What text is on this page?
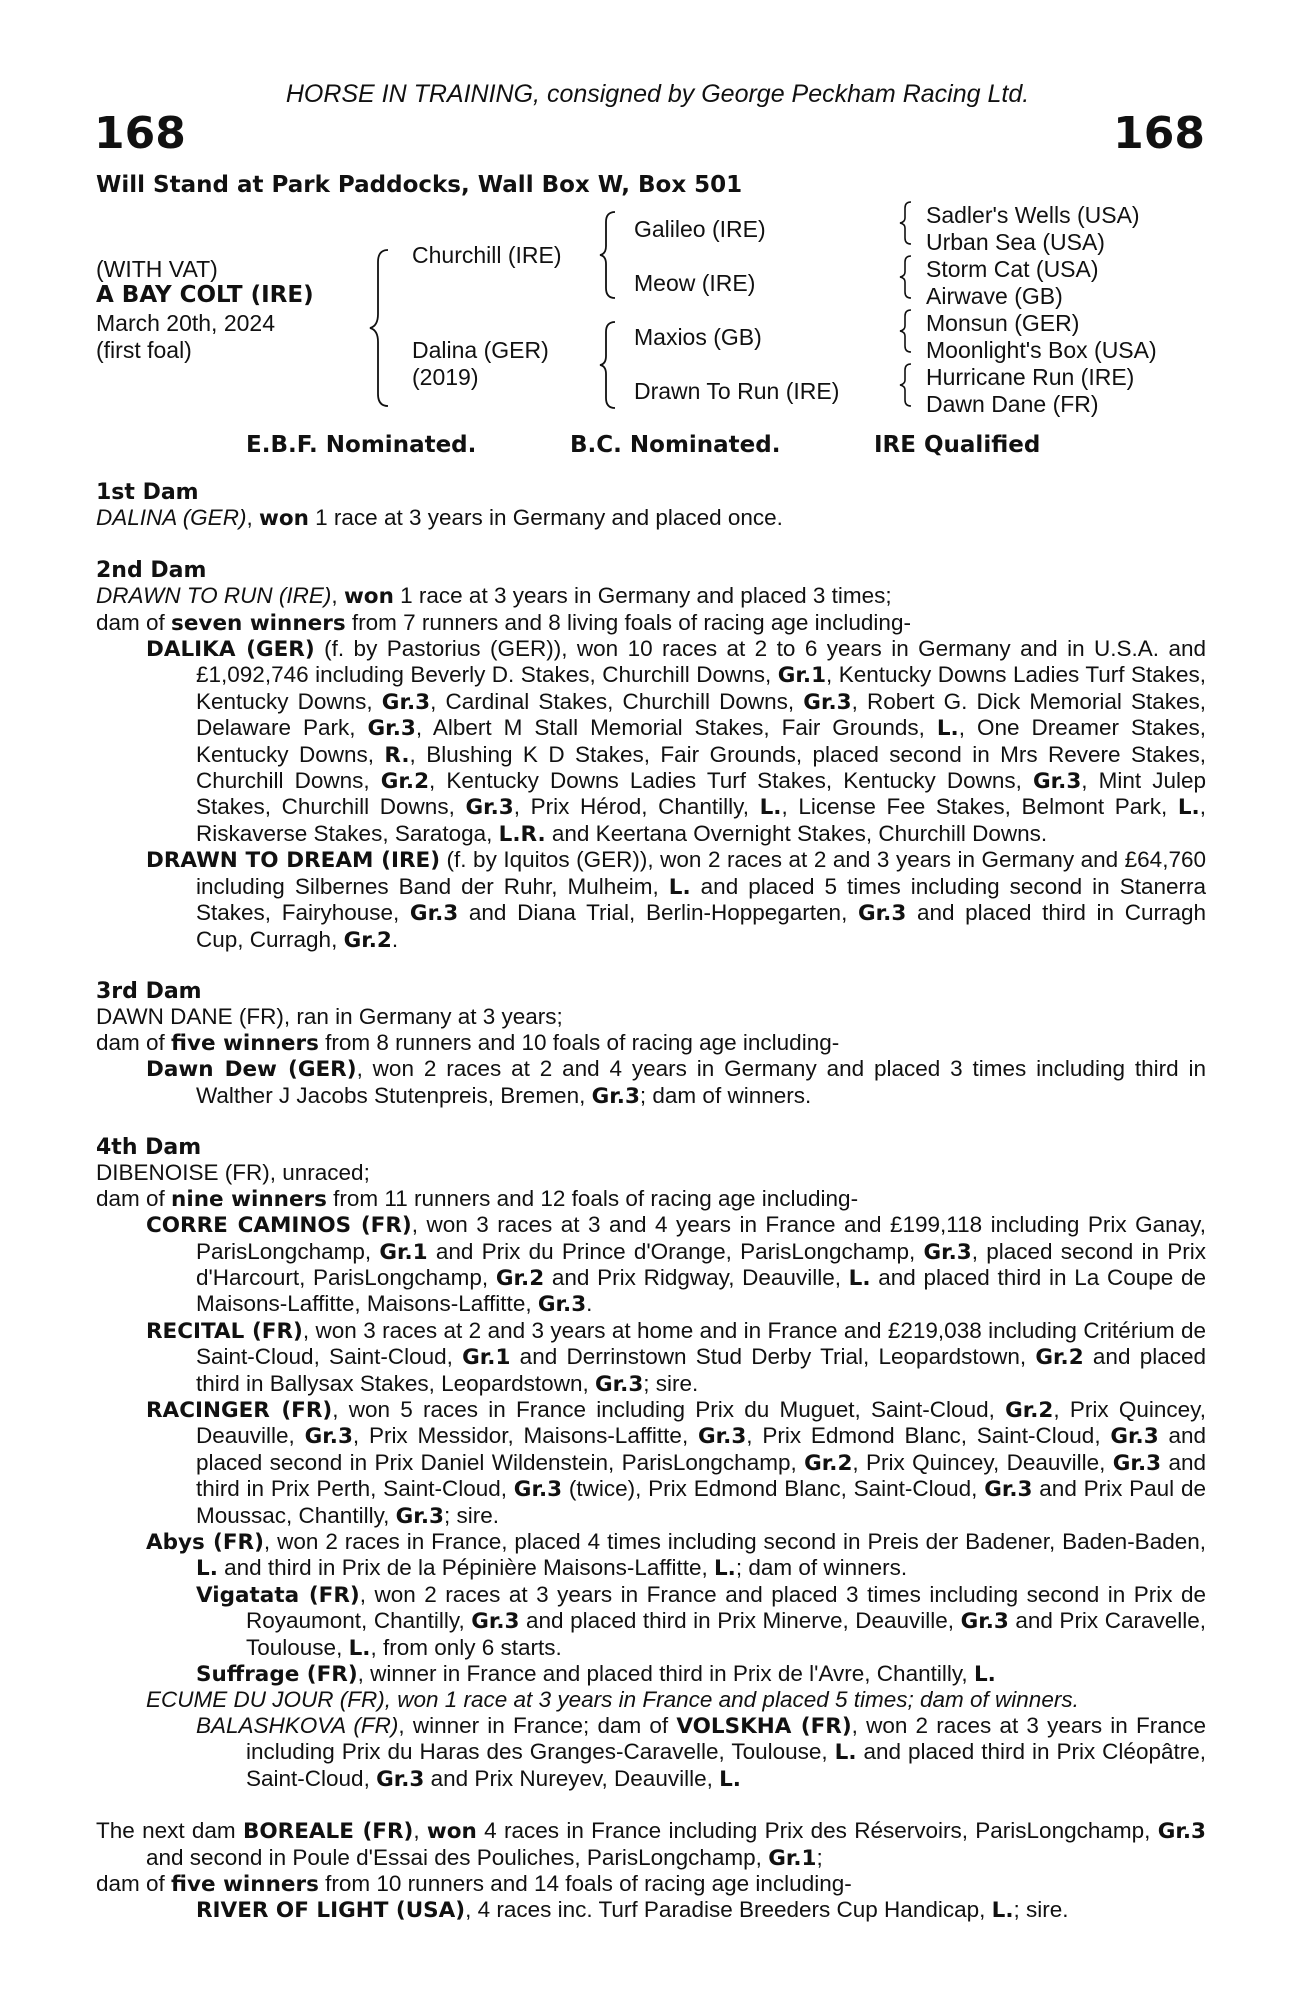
HORSE IN TRAINING, consigned by George Peckham Racing Ltd.
168	168
Will Stand at Park Paddocks, Wall Box W, Box 501
(WITH VAT)
A BAY COLT (IRE)
March 20th, 2024
(first foal)
Churchill (IRE)
Dalina (GER)
(2019)
Galileo (IRE)
Meow (IRE)
Maxios (GB)
Drawn To Run (IRE)
Sadler's Wells (USA)
Urban Sea (USA)
Storm Cat (USA)
Airwave (GB)
Monsun (GER)
Moonlight's Box (USA)
Hurricane Run (IRE)
Dawn Dane (FR)
E.B.F. Nominated.	B.C. Nominated.	IRE Qualified

1st Dam

DALINA (GER), won 1 race at 3 years in Germany and placed once.

2nd Dam

DRAWN TO RUN (IRE), won 1 race at 3 years in Germany and placed 3 times;

dam of seven winners from 7 runners and 8 living foals of racing age including-

DALIKA (GER) (f. by Pastorius (GER)), won 10 races at 2 to 6 years in Germany and in U.S.A. and £1,092,746 including Beverly D. Stakes, Churchill Downs, Gr.1, Kentucky Downs Ladies Turf Stakes, Kentucky Downs, Gr.3, Cardinal Stakes, Churchill Downs, Gr.3, Robert G. Dick Memorial Stakes, Delaware Park, Gr.3, Albert M Stall Memorial Stakes, Fair Grounds, L., One Dreamer Stakes, Kentucky Downs, R., Blushing K D Stakes, Fair Grounds, placed second in Mrs Revere Stakes, Churchill Downs, Gr.2, Kentucky Downs Ladies Turf Stakes, Kentucky Downs, Gr.3, Mint Julep Stakes, Churchill Downs, Gr.3, Prix Hérod, Chantilly, L., License Fee Stakes, Belmont Park, L., Riskaverse Stakes, Saratoga, L.R. and Keertana Overnight Stakes, Churchill Downs.

DRAWN TO DREAM (IRE) (f. by Iquitos (GER)), won 2 races at 2 and 3 years in Germany and £64,760 including Silbernes Band der Ruhr, Mulheim, L. and placed 5 times including second in Stanerra Stakes, Fairyhouse, Gr.3 and Diana Trial, Berlin-Hoppegarten, Gr.3 and placed third in Curragh Cup, Curragh, Gr.2.

3rd Dam

DAWN DANE (FR), ran in Germany at 3 years;

dam of five winners from 8 runners and 10 foals of racing age including-

Dawn Dew (GER), won 2 races at 2 and 4 years in Germany and placed 3 times including third in Walther J Jacobs Stutenpreis, Bremen, Gr.3; dam of winners.

4th Dam

DIBENOISE (FR), unraced;

dam of nine winners from 11 runners and 12 foals of racing age including-

CORRE CAMINOS (FR), won 3 races at 3 and 4 years in France and £199,118 including Prix Ganay, ParisLongchamp, Gr.1 and Prix du Prince d'Orange, ParisLongchamp, Gr.3, placed second in Prix d'Harcourt, ParisLongchamp, Gr.2 and Prix Ridgway, Deauville, L. and placed third in La Coupe de Maisons-Laffitte, Maisons-Laffitte, Gr.3.

RECITAL (FR), won 3 races at 2 and 3 years at home and in France and £219,038 including Critérium de Saint-Cloud, Saint-Cloud, Gr.1 and Derrinstown Stud Derby Trial, Leopardstown, Gr.2 and placed third in Ballysax Stakes, Leopardstown, Gr.3; sire.

RACINGER (FR), won 5 races in France including Prix du Muguet, Saint-Cloud, Gr.2, Prix Quincey, Deauville, Gr.3, Prix Messidor, Maisons-Laffitte, Gr.3, Prix Edmond Blanc, Saint-Cloud, Gr.3 and placed second in Prix Daniel Wildenstein, ParisLongchamp, Gr.2, Prix Quincey, Deauville, Gr.3 and third in Prix Perth, Saint-Cloud, Gr.3 (twice), Prix Edmond Blanc, Saint-Cloud, Gr.3 and Prix Paul de Moussac, Chantilly, Gr.3; sire.

Abys (FR), won 2 races in France, placed 4 times including second in Preis der Badener, Baden-Baden, L. and third in Prix de la Pépinière Maisons-Laffitte, L.; dam of winners.

Vigatata (FR), won 2 races at 3 years in France and placed 3 times including second in Prix de Royaumont, Chantilly, Gr.3 and placed third in Prix Minerve, Deauville, Gr.3 and Prix Caravelle, Toulouse, L., from only 6 starts.

Suffrage (FR), winner in France and placed third in Prix de l'Avre, Chantilly, L.

ECUME DU JOUR (FR), won 1 race at 3 years in France and placed 5 times; dam of winners.

BALASHKOVA (FR), winner in France; dam of VOLSKHA (FR), won 2 races at 3 years in France including Prix du Haras des Granges-Caravelle, Toulouse, L. and placed third in Prix Cléopâtre, Saint-Cloud, Gr.3 and Prix Nureyev, Deauville, L.

The next dam BOREALE (FR), won 4 races in France including Prix des Réservoirs, ParisLongchamp, Gr.3 and second in Poule d'Essai des Pouliches, ParisLongchamp, Gr.1;

dam of five winners from 10 runners and 14 foals of racing age including-

RIVER OF LIGHT (USA), 4 races inc. Turf Paradise Breeders Cup Handicap, L.; sire.
